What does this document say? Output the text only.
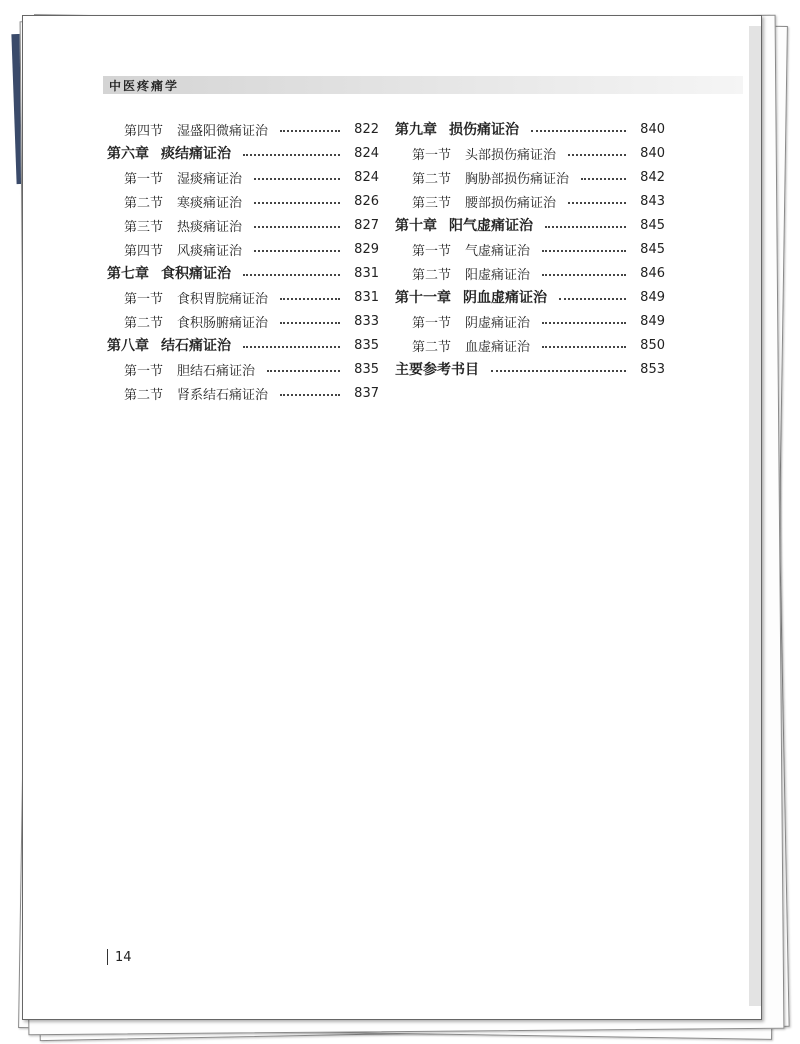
中医疼痛学
第四节 湿盛阳微痛证治	822
第六章 痰结痛证治	824
第一节 湿痰痛证治	824
第二节 寒痰痛证治	826
第三节 热痰痛证治	827
第四节 风痰痛证治	829
第七章 食积痛证治	831
第一节 食积胃脘痛证治	831
第二节 食积肠腑痛证治	833
第八章 结石痛证治	835
第一节 胆结石痛证治	835
第二节 肾系结石痛证治	837
第九章 损伤痛证治	840
第一节 头部损伤痛证治	840
第二节 胸胁部损伤痛证治	842
第三节 腰部损伤痛证治	843
第十章 阳气虚痛证治	845
第一节 气虚痛证治	845
第二节 阳虚痛证治	846
第十一章 阴血虚痛证治	849
第一节 阴虚痛证治	849
第二节 血虚痛证治	850
主要参考书目	853
14
